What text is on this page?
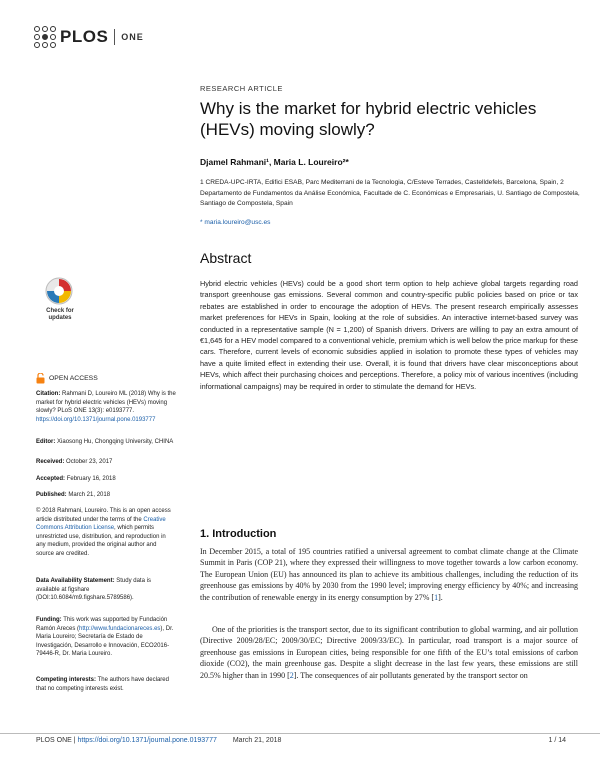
PLOS ONE
RESEARCH ARTICLE
Why is the market for hybrid electric vehicles (HEVs) moving slowly?
Djamel Rahmani¹, Maria L. Loureiro²*
1 CREDA-UPC-IRTA, Edifici ESAB, Parc Mediterrani de la Tecnologia, C/Esteve Terrades, Castelldefels, Barcelona, Spain, 2 Departamento de Fundamentos da Análise Económica, Facultade de C. Económicas e Empresariais, U. Santiago de Compostela, Santiago de Compostela, Spain
* maria.loureiro@usc.es
Abstract
Hybrid electric vehicles (HEVs) could be a good short term option to help achieve global targets regarding road transport greenhouse gas emissions. Several common and country-specific public policies based on price or tax rebates are established in order to encourage the adoption of HEVs. The present research empirically assesses market preferences for HEVs in Spain, looking at the role of subsidies. An interactive internet-based survey was conducted in a representative sample (N = 1,200) of Spanish drivers. Drivers are willing to pay an extra amount of €1,645 for a HEV model compared to a conventional vehicle, premium which is well below the price markup for these cars. Therefore, current levels of economic subsidies applied in isolation to promote these types of vehicles may have a quite limited effect in extending their use. Overall, it is found that drivers have clear misconceptions about HEVs, which affect their purchasing choices and perceptions. Therefore, a policy mix of various incentives (including informational campaigns) may be required in order to stimulate the demand for HEVs.
Check for updates
OPEN ACCESS
Citation: Rahmani D, Loureiro ML (2018) Why is the market for hybrid electric vehicles (HEVs) moving slowly? PLoS ONE 13(3): e0193777. https://doi.org/10.1371/journal.pone.0193777
Editor: Xiaosong Hu, Chongqing University, CHINA
Received: October 23, 2017
Accepted: February 16, 2018
Published: March 21, 2018
© 2018 Rahmani, Loureiro. This is an open access article distributed under the terms of the Creative Commons Attribution License, which permits unrestricted use, distribution, and reproduction in any medium, provided the original author and source are credited.
Data Availability Statement: Study data is available at figshare (DOI:10.6084/m9.figshare.5789586).
Funding: This work was supported by Fundación Ramón Areces (http://www.fundacionareces.es), Dr. Maria Loureiro; Secretaría de Estado de Investigación, Desarrollo e Innovación, ECO2016-79446-R, Dr. Maria Loureiro.
Competing interests: The authors have declared that no competing interests exist.
1. Introduction
In December 2015, a total of 195 countries ratified a universal agreement to combat climate change at the Climate Summit in Paris (COP 21), where they expressed their willingness to move together towards a low carbon economy. The European Union (EU) has announced its plan to achieve its ambitious challenges, including the reduction of its greenhouse gas emissions by 40% by 2030 from the 1990 level; improving energy efficiency by 40%; and increasing the contribution of renewable energy in its energy consumption by 27% [1].
One of the priorities is the transport sector, due to its significant contribution to global warming, and air pollution (Directive 2009/28/EC; 2009/30/EC; Directive 2009/33/EC). In particular, road transport is a major source of greenhouse gas emissions in European cities, being responsible for one fifth of the EU’s total emissions of carbon dioxide (CO2), the main greenhouse gas. Despite a slight decrease in the last few years, these emissions are still 20.5% higher than in 1990 [2]. The consequences of air pollutants generated by the transport sector on
PLOS ONE | https://doi.org/10.1371/journal.pone.0193777 March 21, 2018	1 / 14
